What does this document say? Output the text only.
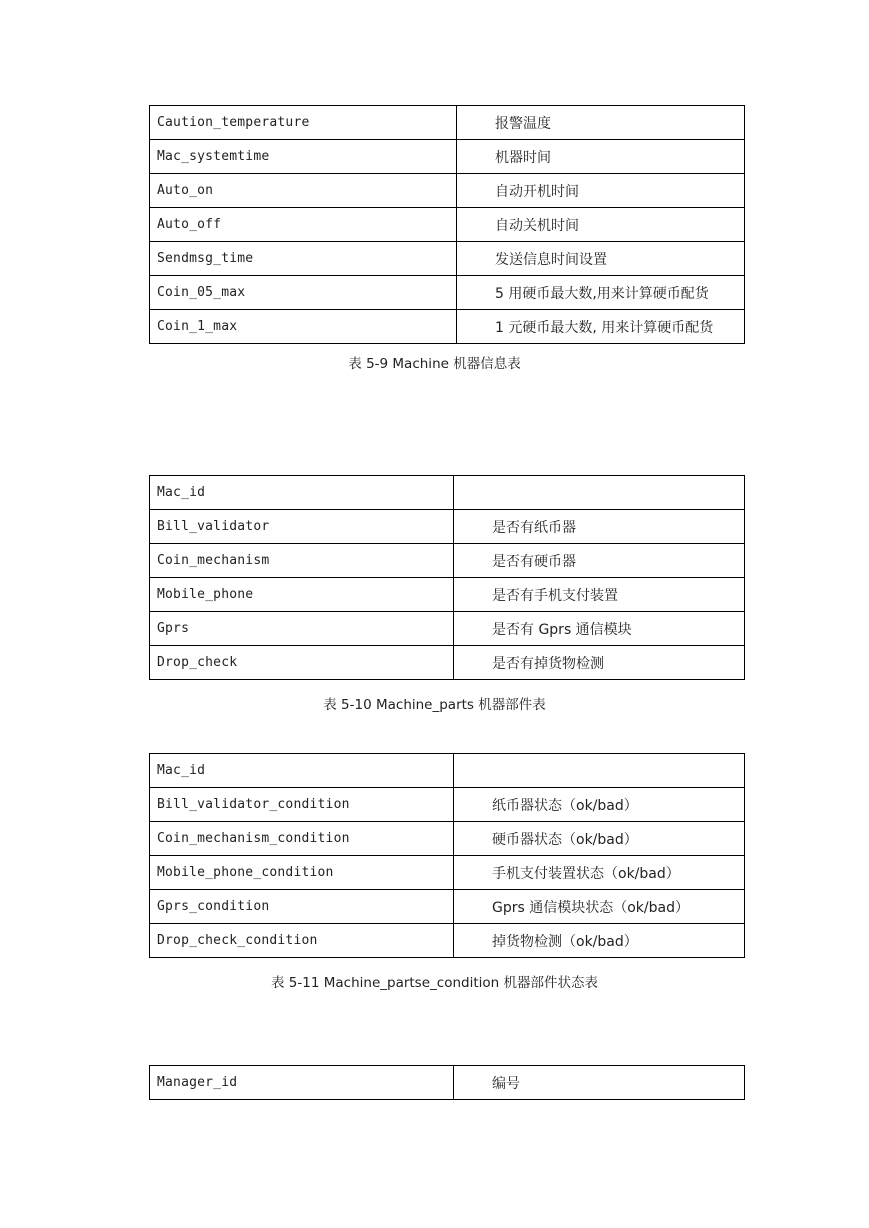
Caution_temperature	报警温度
Mac_systemtime	机器时间
Auto_on	自动开机时间
Auto_off	自动关机时间
Sendmsg_time	发送信息时间设置
Coin_05_max	5 用硬币最大数,用来计算硬币配货
Coin_1_max	1 元硬币最大数, 用来计算硬币配货
表 5-9 Machine 机器信息表
Mac_id	
Bill_validator	是否有纸币器
Coin_mechanism	是否有硬币器
Mobile_phone	是否有手机支付装置
Gprs	是否有 Gprs 通信模块
Drop_check	是否有掉货物检测
表 5-10 Machine_parts 机器部件表
Mac_id	
Bill_validator_condition	纸币器状态（ok/bad）
Coin_mechanism_condition	硬币器状态（ok/bad）
Mobile_phone_condition	手机支付装置状态（ok/bad）
Gprs_condition	Gprs 通信模块状态（ok/bad）
Drop_check_condition	掉货物检测（ok/bad）
表 5-11 Machine_partse_condition 机器部件状态表
Manager_id	编号
